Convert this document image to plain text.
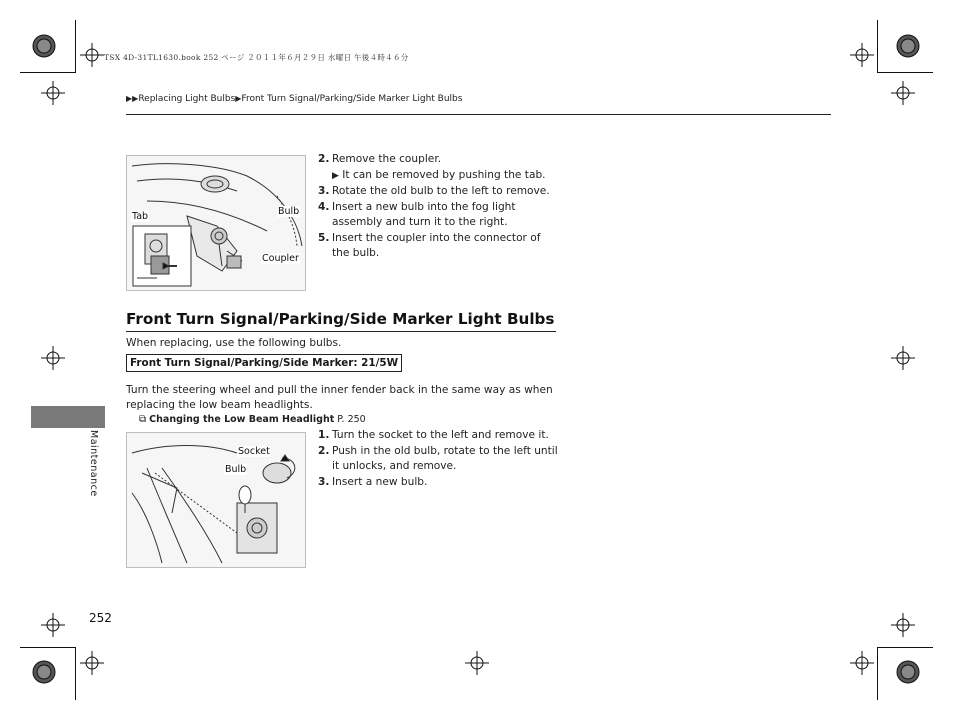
TSX 4D-31TL1630.book 252 ページ ２０１１年６月２９日 水曜日 午後４時４６分
▶▶Replacing Light Bulbs▶Front Turn Signal/Parking/Side Marker Light Bulbs
Tab	Bulb
Coupler
2. Remove the coupler.
▶ It can be removed by pushing the tab.
3. Rotate the old bulb to the left to remove.
4. Insert a new bulb into the fog light assembly and turn it to the right.
5. Insert the coupler into the connector of the bulb.
Front Turn Signal/Parking/Side Marker Light Bulbs
When replacing, use the following bulbs.
Front Turn Signal/Parking/Side Marker: 21/5W
Turn the steering wheel and pull the inner fender back in the same way as when replacing the low beam headlights.
⧉ Changing the Low Beam Headlight P. 250
Socket
Bulb
1. Turn the socket to the left and remove it.
2. Push in the old bulb, rotate to the left until it unlocks, and remove.
3. Insert a new bulb.
Maintenance
252
